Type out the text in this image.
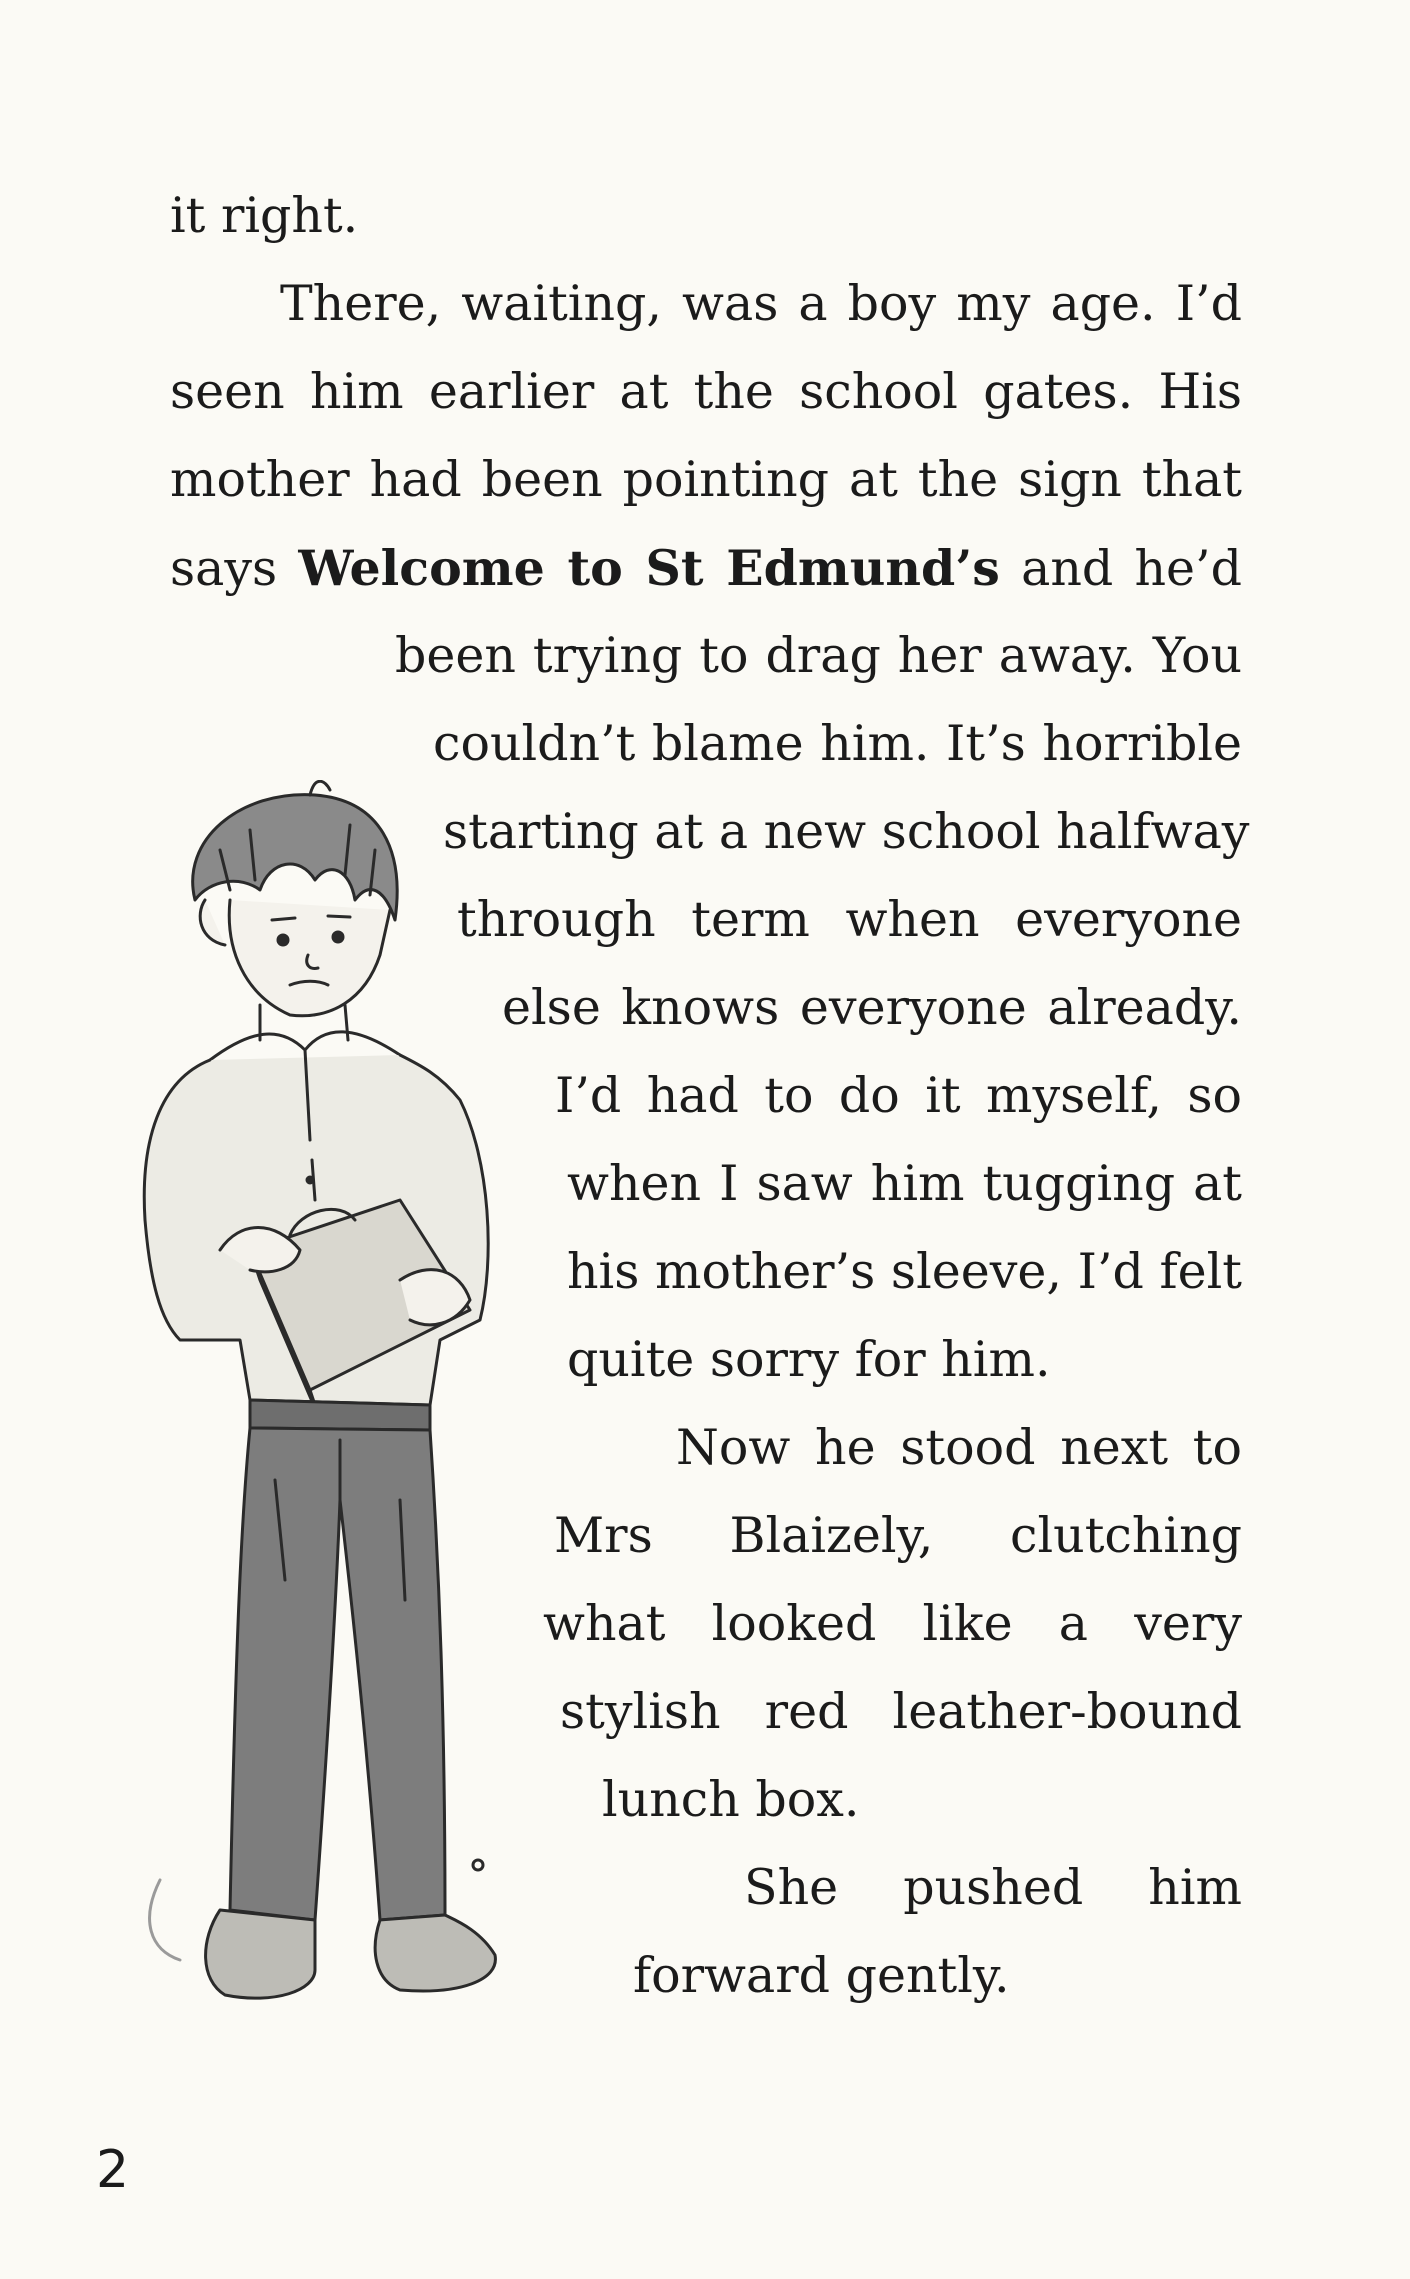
it right.
There, waiting, was a boy my age. I’d
seen him earlier at the school gates. His
mother had been pointing at the sign that
says Welcome to St Edmund’s and he’d
been trying to drag her away. You
couldn’t blame him. It’s horrible
starting at a new school halfway
through term when everyone
else knows everyone already.
I’d had to do it myself, so
when I saw him tugging at
his mother’s sleeve, I’d felt
quite sorry for him.
Now he stood next to
Mrs Blaizely, clutching
what looked like a very
stylish red leather-bound
lunch box.
She pushed him
forward gently.
2
